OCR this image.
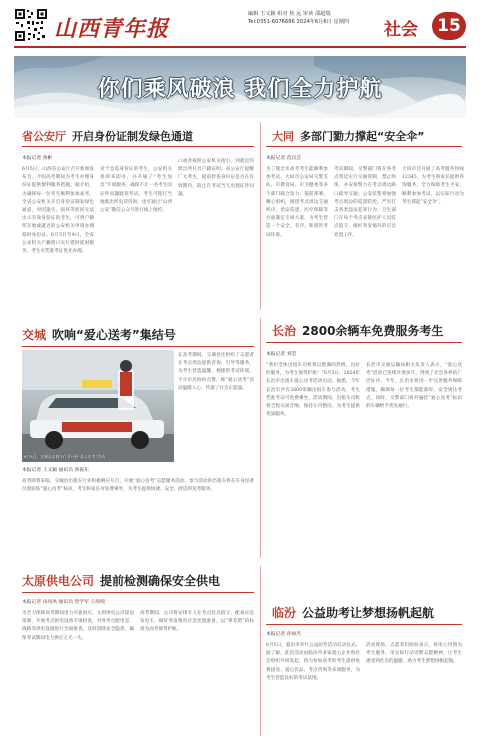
山西青年报
编辑 王文颖 组对 焦 远 审读 邵超瑞
Tel:0351-6076686 2024年6月6日 星期四 社会	15
你们乘风破浪 我们全力护航
省公安厅 开启身份证制发绿色通道
本报记者 鲁彬
6月5日，山西省公安厅召开新闻发布会，介绍高考期间为考生办理身份证提供便利服务措施。据介绍，为确保每一位考生顺利参加高考，全省公安机关开启身份证制发绿色通道，对因遗失、损坏等原因无法出示有效身份证的考生，可到户籍所在地或就近的公安机关申请办理临时身份证。6月5日至9日，全省公安机关户籍窗口实行错时延时服务，考生可凭准考证优先办理。
对于急需身份证的考生，公安机关将即来即办，并开通了“考生加急”专项服务，确保不让一名考生因证件问题耽误考试。考生可拨打当地派出所电话咨询，也可通过“山西公安”微信公众号进行线上预约。
口或者按照公安机关指引，到就近的派出所开具户籍证明。省公安厅提醒广大考生，提前检查身份证是否在有效期内，防止在考试当天出现证件问题。
大同 多部门勠力撑起“安全伞”
本报记者 范汉芸
为了使全市高考考生能顺利参加考试，大同市公安局交警支队、市教育局、市卫健委等多个部门联合发力，提前部署、精心组织，围绕考点周边交通秩序、治安巡逻、医疗保障等方面制定专项方案，为考生营造一个安全、有序、和谐的考试环境。
考试期间，交警部门将在各考点周边实行交通管制，禁止鸣笛，并安排警力在考点周边路口疏导交通；公安民警将加强考点周边的巡逻防控，严厉打击各类违法犯罪行为；卫生部门在每个考点安排医护人员驻点值守，做好突发情况的应急处置工作。
大同市还开通了高考服务热线12345，为考生和家长提供咨询服务，全力保障考生平安、顺利参加考试，以实际行动为考生撑起“安全伞”。
交城 吹响“爱心送考”集结号
6月5日，交城县出租车行业开展“爱心送考”活动
在高考期间，交城县还组织了志愿者在考点周边提供咨询、引导等服务，为考生营造温馨、便捷的考试环境。不少市民纷纷点赞，称“爱心送考”活动温暖人心，传递了社会正能量。
本报记者 王文颖 通讯员 郭振东
高考即将来临，交城县出租车行业积极响应号召，开展“爱心送考”志愿服务活动。参与活动的出租车将在车身显著位置张贴“爱心送考”标识，考生和家长可免费乘坐，为考生提供快捷、安全、舒适的送考服务。
长治 2800余辆车免费服务考生
本报记者 刘莹
“我们全体出租车司机将以饱满的热情、良好的服务，为考生保驾护航！”6月5日，2024年长治市出租车爱心送考活动启动。据悉，今年长治市共有2800余辆出租车参与活动，考生凭准考证可免费乘坐。活动期间，出租车司机将全程关闭音响，保持车内整洁，为考生提供优质服务。
长治市交通运输局相关负责人表示，“爱心送考”活动已连续开展多年，得到了社会各界的广泛好评。今年，长治市将进一步完善服务保障措施，确保每一位考生都能准时、安全到达考点。同时，交警部门将对悬挂“爱心送考”标识的车辆给予优先通行。
太原供电公司 提前检测确保安全供电
本报记者 田凤凤 通讯员 贺学军 王海瑞
为全力保障高考期间电力可靠供应，太原供电公司提前部署，开展考点供电设备专项检查，对各考点配电室、线路等供电设施进行全面排查，及时消除安全隐患，确保考试期间电力供应万无一失。
高考期间，公司将安排专人在考点驻点值守，配备应急发电车，做好突发情况应急处置准备，以“零差错”的标准为高考保驾护航。
临汾 公益助考让梦想扬帆起航
本报记者 孙如杰
6月5日，临汾市举行公益助考活动启动仪式。据了解，此次活动由临汾市多家爱心企业和社会组织共同发起，将为参加高考的考生提供免费接送、爱心饮品、考点咨询等多项服务，为考生营造良好的考试氛围。
活动现场，志愿者们纷纷表示，将用心用情为考生服务，用实际行动诠释志愿精神，让考生感受到社会的温暖，助力考生梦想扬帆起航。
